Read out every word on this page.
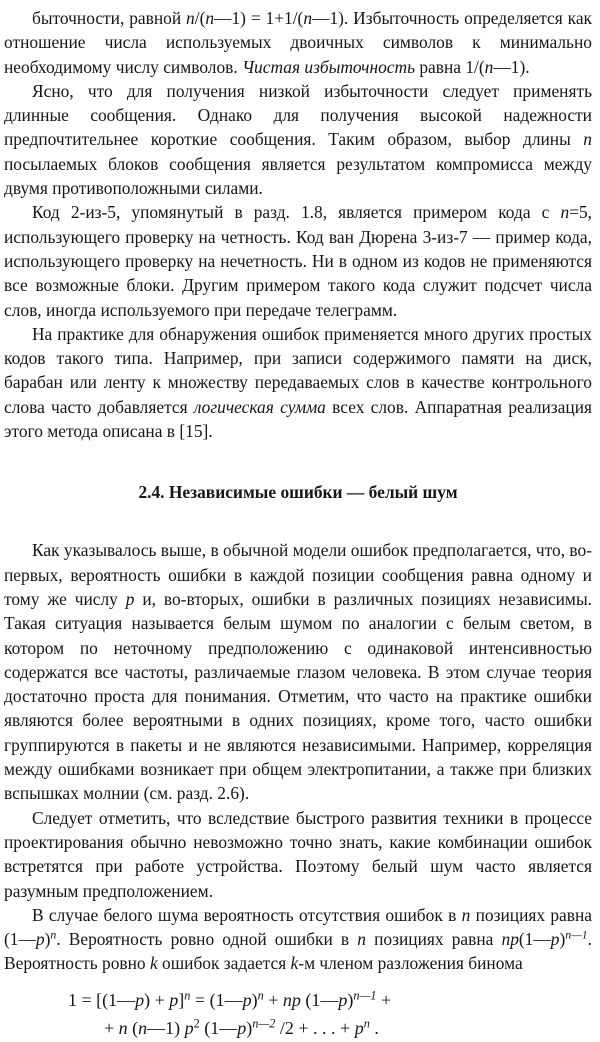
быточности, равной n/(n—1) = 1+1/(n—1). Избыточность определяется как отношение числа используемых двоичных символов к минимально необходимому числу символов. Чистая избыточность равна 1/(n—1).

Ясно, что для получения низкой избыточности следует применять длинные сообщения. Однако для получения высокой надежности предпочтительнее короткие сообщения. Таким образом, выбор длины n посылаемых блоков сообщения является результатом компромисса между двумя противоположными силами.

Код 2-из-5, упомянутый в разд. 1.8, является примером кода с n=5, использующего проверку на четность. Код ван Дюрена 3-из-7 — пример кода, использующего проверку на нечетность. Ни в одном из кодов не применяются все возможные блоки. Другим примером такого кода служит подсчет числа слов, иногда используемого при передаче телеграмм.

На практике для обнаружения ошибок применяется много других простых кодов такого типа. Например, при записи содержимого памяти на диск, барабан или ленту к множеству передаваемых слов в качестве контрольного слова часто добавляется логическая сумма всех слов. Аппаратная реализация этого метода описана в [15].

2.4. Независимые ошибки — белый шум

Как указывалось выше, в обычной модели ошибок предполагается, что, во-первых, вероятность ошибки в каждой позиции сообщения равна одному и тому же числу p и, во-вторых, ошибки в различных позициях независимы. Такая ситуация называется белым шумом по аналогии с белым светом, в котором по неточному предположению с одинаковой интенсивностью содержатся все частоты, различаемые глазом человека. В этом случае теория достаточно проста для понимания. Отметим, что часто на практике ошибки являются более вероятными в одних позициях, кроме того, часто ошибки группируются в пакеты и не являются независимыми. Например, корреляция между ошибками возникает при общем электропитании, а также при близких вспышках молнии (см. разд. 2.6).

Следует отметить, что вследствие быстрого развития техники в процессе проектирования обычно невозможно точно знать, какие комбинации ошибок встретятся при работе устройства. Поэтому белый шум часто является разумным предположением.

В случае белого шума вероятность отсутствия ошибок в n позициях равна (1—p)$^n$. Вероятность ровно одной ошибки в n позициях равна np(1—p)$^{n—1}$. Вероятность ровно k ошибок задается k-м членом разложения бинома

1 = [(1—p) + p]$^n$ = (1—p)$^n$ + np (1—p)$^{n—1}$ +
+ n (n—1) $p^2$ (1—p)$^{n—2}$ /2 + . . . + $p^n$ .
